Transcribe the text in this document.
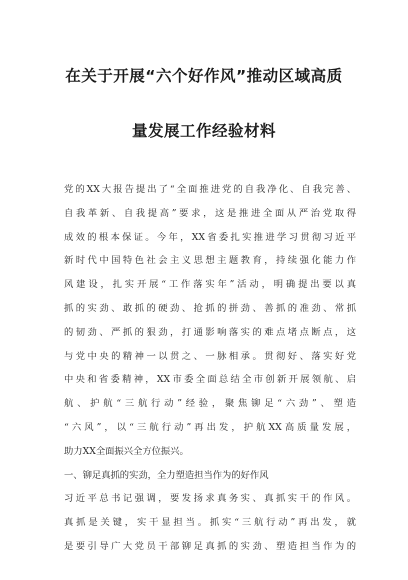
在关于开展“六个好作风”推动区域高质
量发展工作经验材料
党的XX大报告提出了“全面推进党的自我净化、自我完善、
自我革新、自我提高”要求，这是推进全面从严治党取得
成效的根本保证。今年，XX省委扎实推进学习贯彻习近平
新时代中国特色社会主义思想主题教育，持续强化能力作
风建设，扎实开展“工作落实年”活动，明确提出要以真
抓的实劲、敢抓的硬劲、抢抓的拼劲、善抓的准劲、常抓
的韧劲、严抓的狠劲，打通影响落实的难点堵点断点，这
与党中央的精神一以贯之、一脉相承。贯彻好、落实好党
中央和省委精神，XX市委全面总结全市创新开展领航、启
航、护航“三航行动”经验，聚焦铆足“六劲”、塑造
“六风”，以“三航行动”再出发，护航XX高质量发展，
助力XX全面振兴全方位振兴。
一、铆足真抓的实劲，全力塑造担当作为的好作风
习近平总书记强调，要发扬求真务实、真抓实干的作风。
真抓是关键，实干显担当。抓实“三航行动”再出发，就
是要引导广大党员干部铆足真抓的实劲、塑造担当作为的
